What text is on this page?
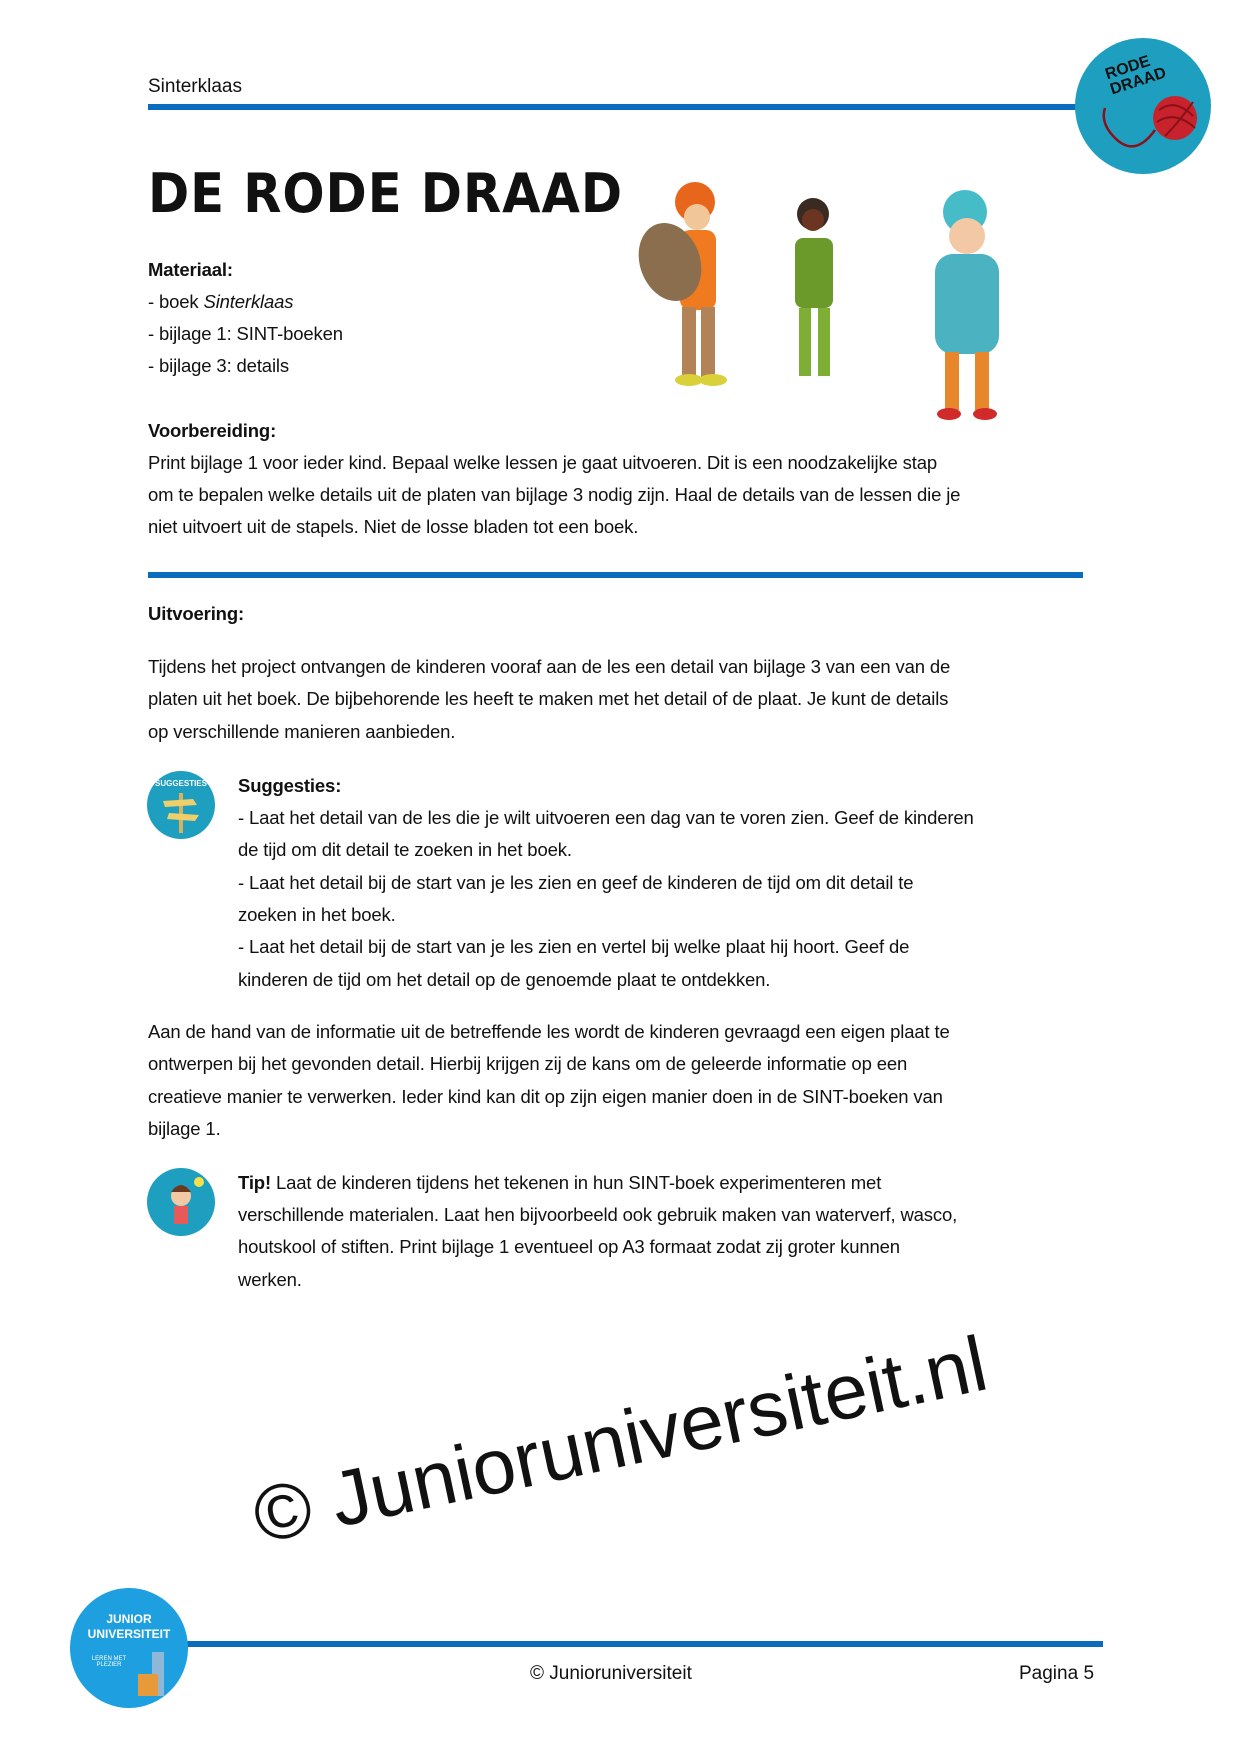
Sinterklaas
RODE DRAAD
DE RODE DRAAD
Materiaal:
- boek Sinterklaas
- bijlage 1: SINT-boeken
- bijlage 3: details
Voorbereiding:
Print bijlage 1 voor ieder kind. Bepaal welke lessen je gaat uitvoeren. Dit is een noodzakelijke stap
om te bepalen welke details uit de platen van bijlage 3 nodig zijn. Haal de details van de lessen die je
niet uitvoert uit de stapels. Niet de losse bladen tot een boek.
Uitvoering:
Tijdens het project ontvangen de kinderen vooraf aan de les een detail van bijlage 3 van een van de
platen uit het boek. De bijbehorende les heeft te maken met het detail of de plaat. Je kunt de details
op verschillende manieren aanbieden.
SUGGESTIES	Suggesties:
- Laat het detail van de les die je wilt uitvoeren een dag van te voren zien. Geef de kinderen
de tijd om dit detail te zoeken in het boek.
- Laat het detail bij de start van je les zien en geef de kinderen de tijd om dit detail te
zoeken in het boek.
- Laat het detail bij de start van je les zien en vertel bij welke plaat hij hoort. Geef de
kinderen de tijd om het detail op de genoemde plaat te ontdekken.
Aan de hand van de informatie uit de betreffende les wordt de kinderen gevraagd een eigen plaat te
ontwerpen bij het gevonden detail. Hierbij krijgen zij de kans om de geleerde informatie op een
creatieve manier te verwerken. Ieder kind kan dit op zijn eigen manier doen in de SINT-boeken van
bijlage 1.
Tip! Laat de kinderen tijdens het tekenen in hun SINT-boek experimenteren met
verschillende materialen. Laat hen bijvoorbeeld ook gebruik maken van waterverf, wasco,
houtskool of stiften. Print bijlage 1 eventueel op A3 formaat zodat zij groter kunnen
werken.
© Junioruniversiteit.nl
JUNIOR UNIVERSITEIT
LEREN MET PLEZIER	© Junioruniversiteit	Pagina 5
